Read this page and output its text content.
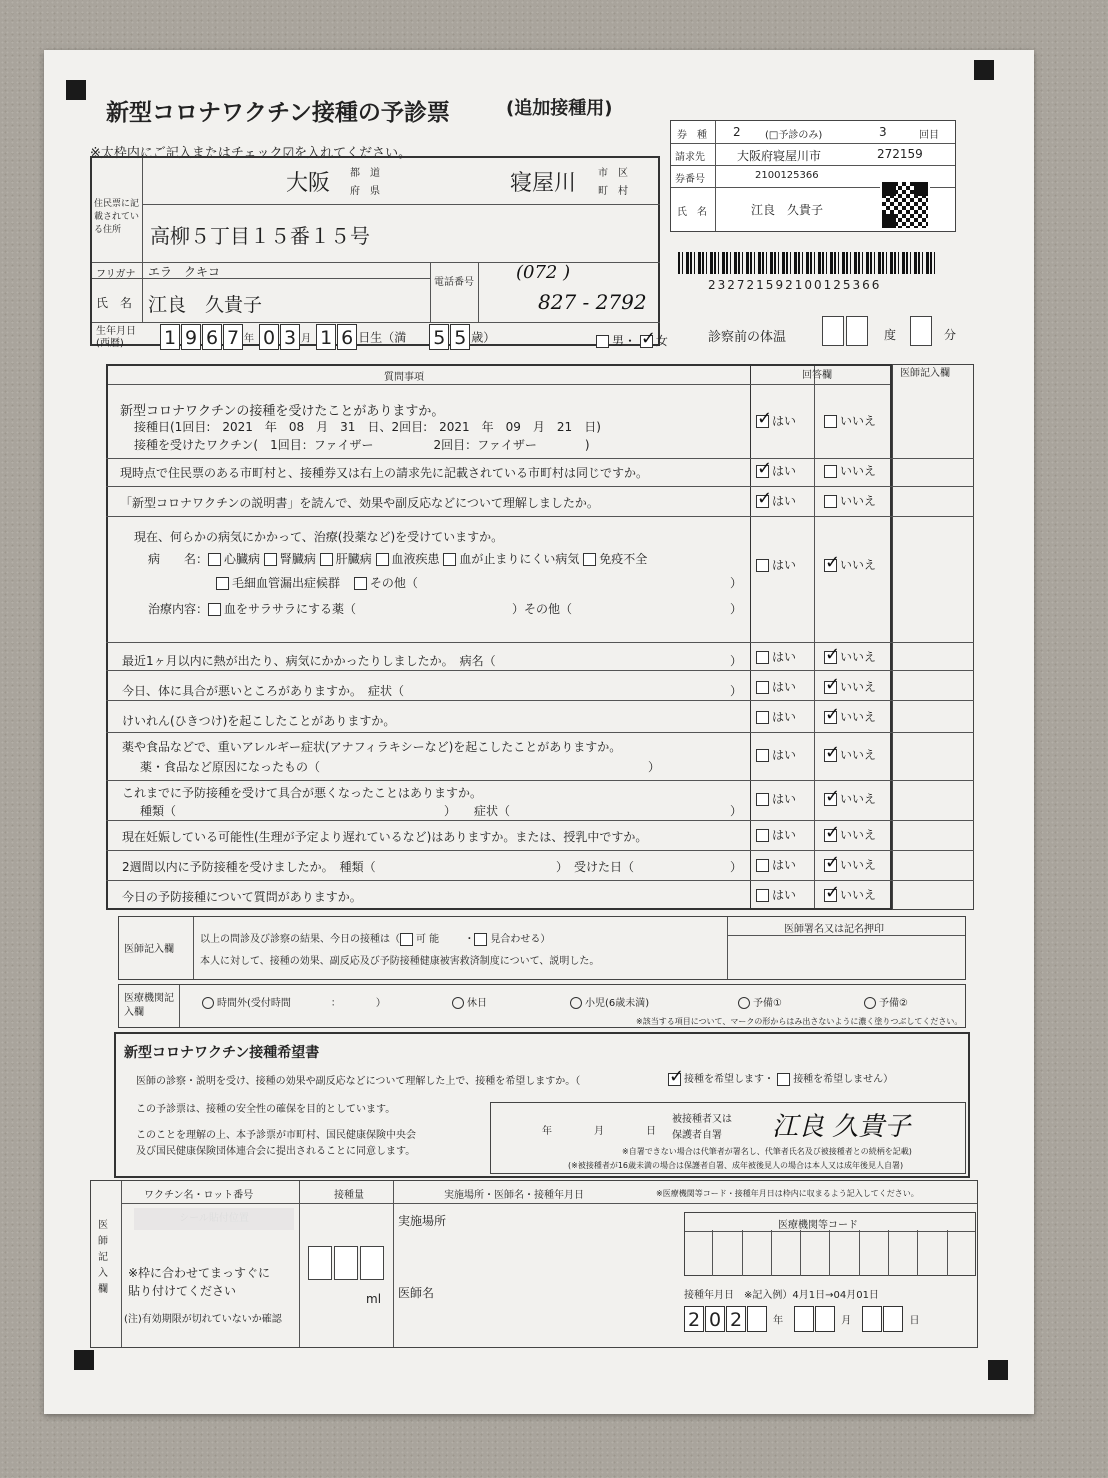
新型コロナワクチン接種の予診票	(追加接種用)
※太枠内にご記入またはチェック☑を入れてください。
券　種 2 (□予診のみ)	3	回目
請求先	大阪府寝屋川市	272159
券番号	2100125366
氏　名	江良　久貴子
23272159210012536​6
住民票に記載されている住所
大阪 都　道
府　県	寝屋川 市　区
町　村
高柳５丁目１５番１５号
フリガナ エラ　クキコ
氏　名 江良　久貴子
電話番号 (072 )
827 - 2792
生年月日(西暦)	1 9 6 7 年 0 3 月 1 6 日生（満 5 5 歳）	男・ ✓ 女	診察前の体温	度	分
質問事項	回答欄	医師記入欄
新型コロナワクチンの接種を受けたことがありますか。
接種日(1回目:　2021　年　08　月　31　日、2回目:　2021　年　09　月　21　日)
接種を受けたワクチン(　1回目：ファイザー　　　　　2回目：ファイザー　　　　)
✓はい	いいえ
現時点で住民票のある市町村と、接種券又は右上の請求先に記載されている市町村は同じですか。 ✓	はい	いいえ
「新型コロナワクチンの説明書」を読んで、効果や副反応などについて理解しましたか。 ✓	はい	いいえ
現在、何らかの病気にかかって、治療(投薬など)を受けていますか。
病　　名： 心臓病 腎臓病 肝臓病 血液疾患 血が止まりにくい病気 免疫不全
毛細血管漏出症候群 その他（	）
治療内容： 血をサラサラにする薬（	）その他（	）
はい ✓	いいえ
最近1ヶ月以内に熱が出たり、病気にかかったりしましたか。　病名（	）	はい ✓	いいえ
今日、体に具合が悪いところがありますか。　症状（	）	はい ✓	いいえ
けいれん(ひきつけ)を起こしたことがありますか。	はい ✓	いいえ
薬や食品などで、重いアレルギー症状(アナフィラキシーなど)を起こしたことがありますか。
薬・食品など原因になったもの（	）
はい ✓	いいえ
これまでに予防接種を受けて具合が悪くなったことはありますか。
種類（	）　　症状（	）
はい ✓	いいえ
現在妊娠している可能性(生理が予定より遅れているなど)はありますか。または、授乳中ですか。	はい ✓	いいえ
2週間以内に予防接種を受けましたか。　種類（	）　受けた日（	）	はい ✓	いいえ
今日の予防接種について質問がありますか。	はい ✓	いいえ
医師記入欄
以上の問診及び診察の結果、今日の接種は（ 可 能	・ 見合わせる）
本人に対して、接種の効果、副反応及び予防接種健康被害救済制度について、説明した。
医師署名又は記名押印
医療機関記入欄
時間外(受付時間　　　　：　　　　）	休日	小児(6歳未満)	予備①	予備②
※該当する項目について、マークの形からはみ出さないように濃く塗りつぶしてください。
新型コロナワクチン接種希望書
医師の診察・説明を受け、接種の効果や副反応などについて理解した上で、接種を希望しますか。（ ✓	接種を希望します・ 接種を希望しません）
この予診票は、接種の安全性の確保を目的としています。
このことを理解の上、本予診票が市町村、国民健康保険中央会
及び国民健康保険団体連合会に提出されることに同意します。
年	月	日
被接種者又は
保護者自署 江良 久貴子
※自署できない場合は代筆者が署名し、代筆者氏名及び被接種者との続柄を記載)
(※被接種者が16歳未満の場合は保護者自署、成年被後見人の場合は本人又は成年後見人自署)
医師記入欄
ワクチン名・ロット番号	接種量	実施場所・医師名・接種年月日	※医療機関等コード・接種年月日は枠内に収まるよう記入してください。
シール貼付位置
※枠に合わせてまっすぐに
貼り付けてください
(注)有効期限が切れていないか確認
ml
実施場所
医師名
医療機関等コード
接種年月日　※記入例）4月1日→04月01日
2 0 2	年	月	日
